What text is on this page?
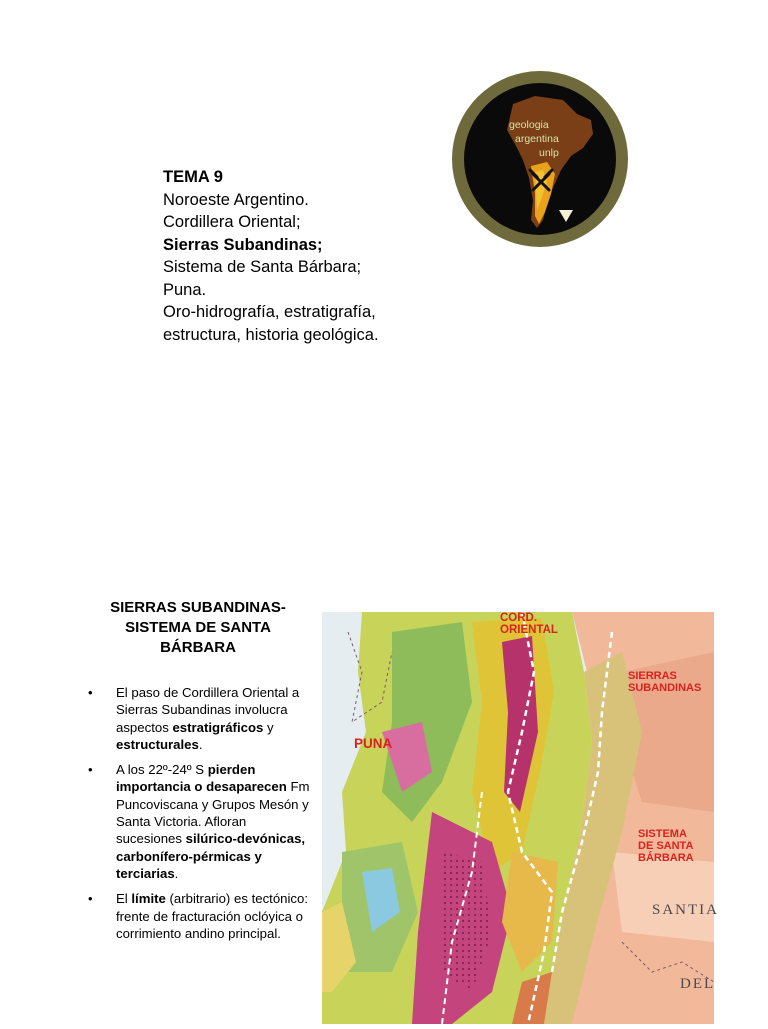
geologia
argentina
unlp
TEMA 9
Noroeste Argentino.
Cordillera Oriental;
Sierras Subandinas;
Sistema de Santa Bárbara;
Puna.
Oro-hidrografía, estratigrafía,
estructura, historia geológica.
SIERRAS SUBANDINAS-
SISTEMA DE SANTA
BÁRBARA
• El paso de Cordillera Oriental a Sierras Subandinas involucra aspectos estratigráficos y estructurales.
• A los 22º-24º S pierden importancia o desaparecen Fm Puncoviscana y Grupos Mesón y Santa Victoria. Afloran sucesiones silúrico-devónicas, carbonífero-pérmicas y terciarias.
• El límite (arbitrario) es tectónico: frente de fracturación oclóyica o corrimiento andino principal.
CORD.
ORIENTAL
SIERRAS
SUBANDINAS
PUNA
SISTEMA
DE SANTA
BÁRBARA
SANTIA
DEL
